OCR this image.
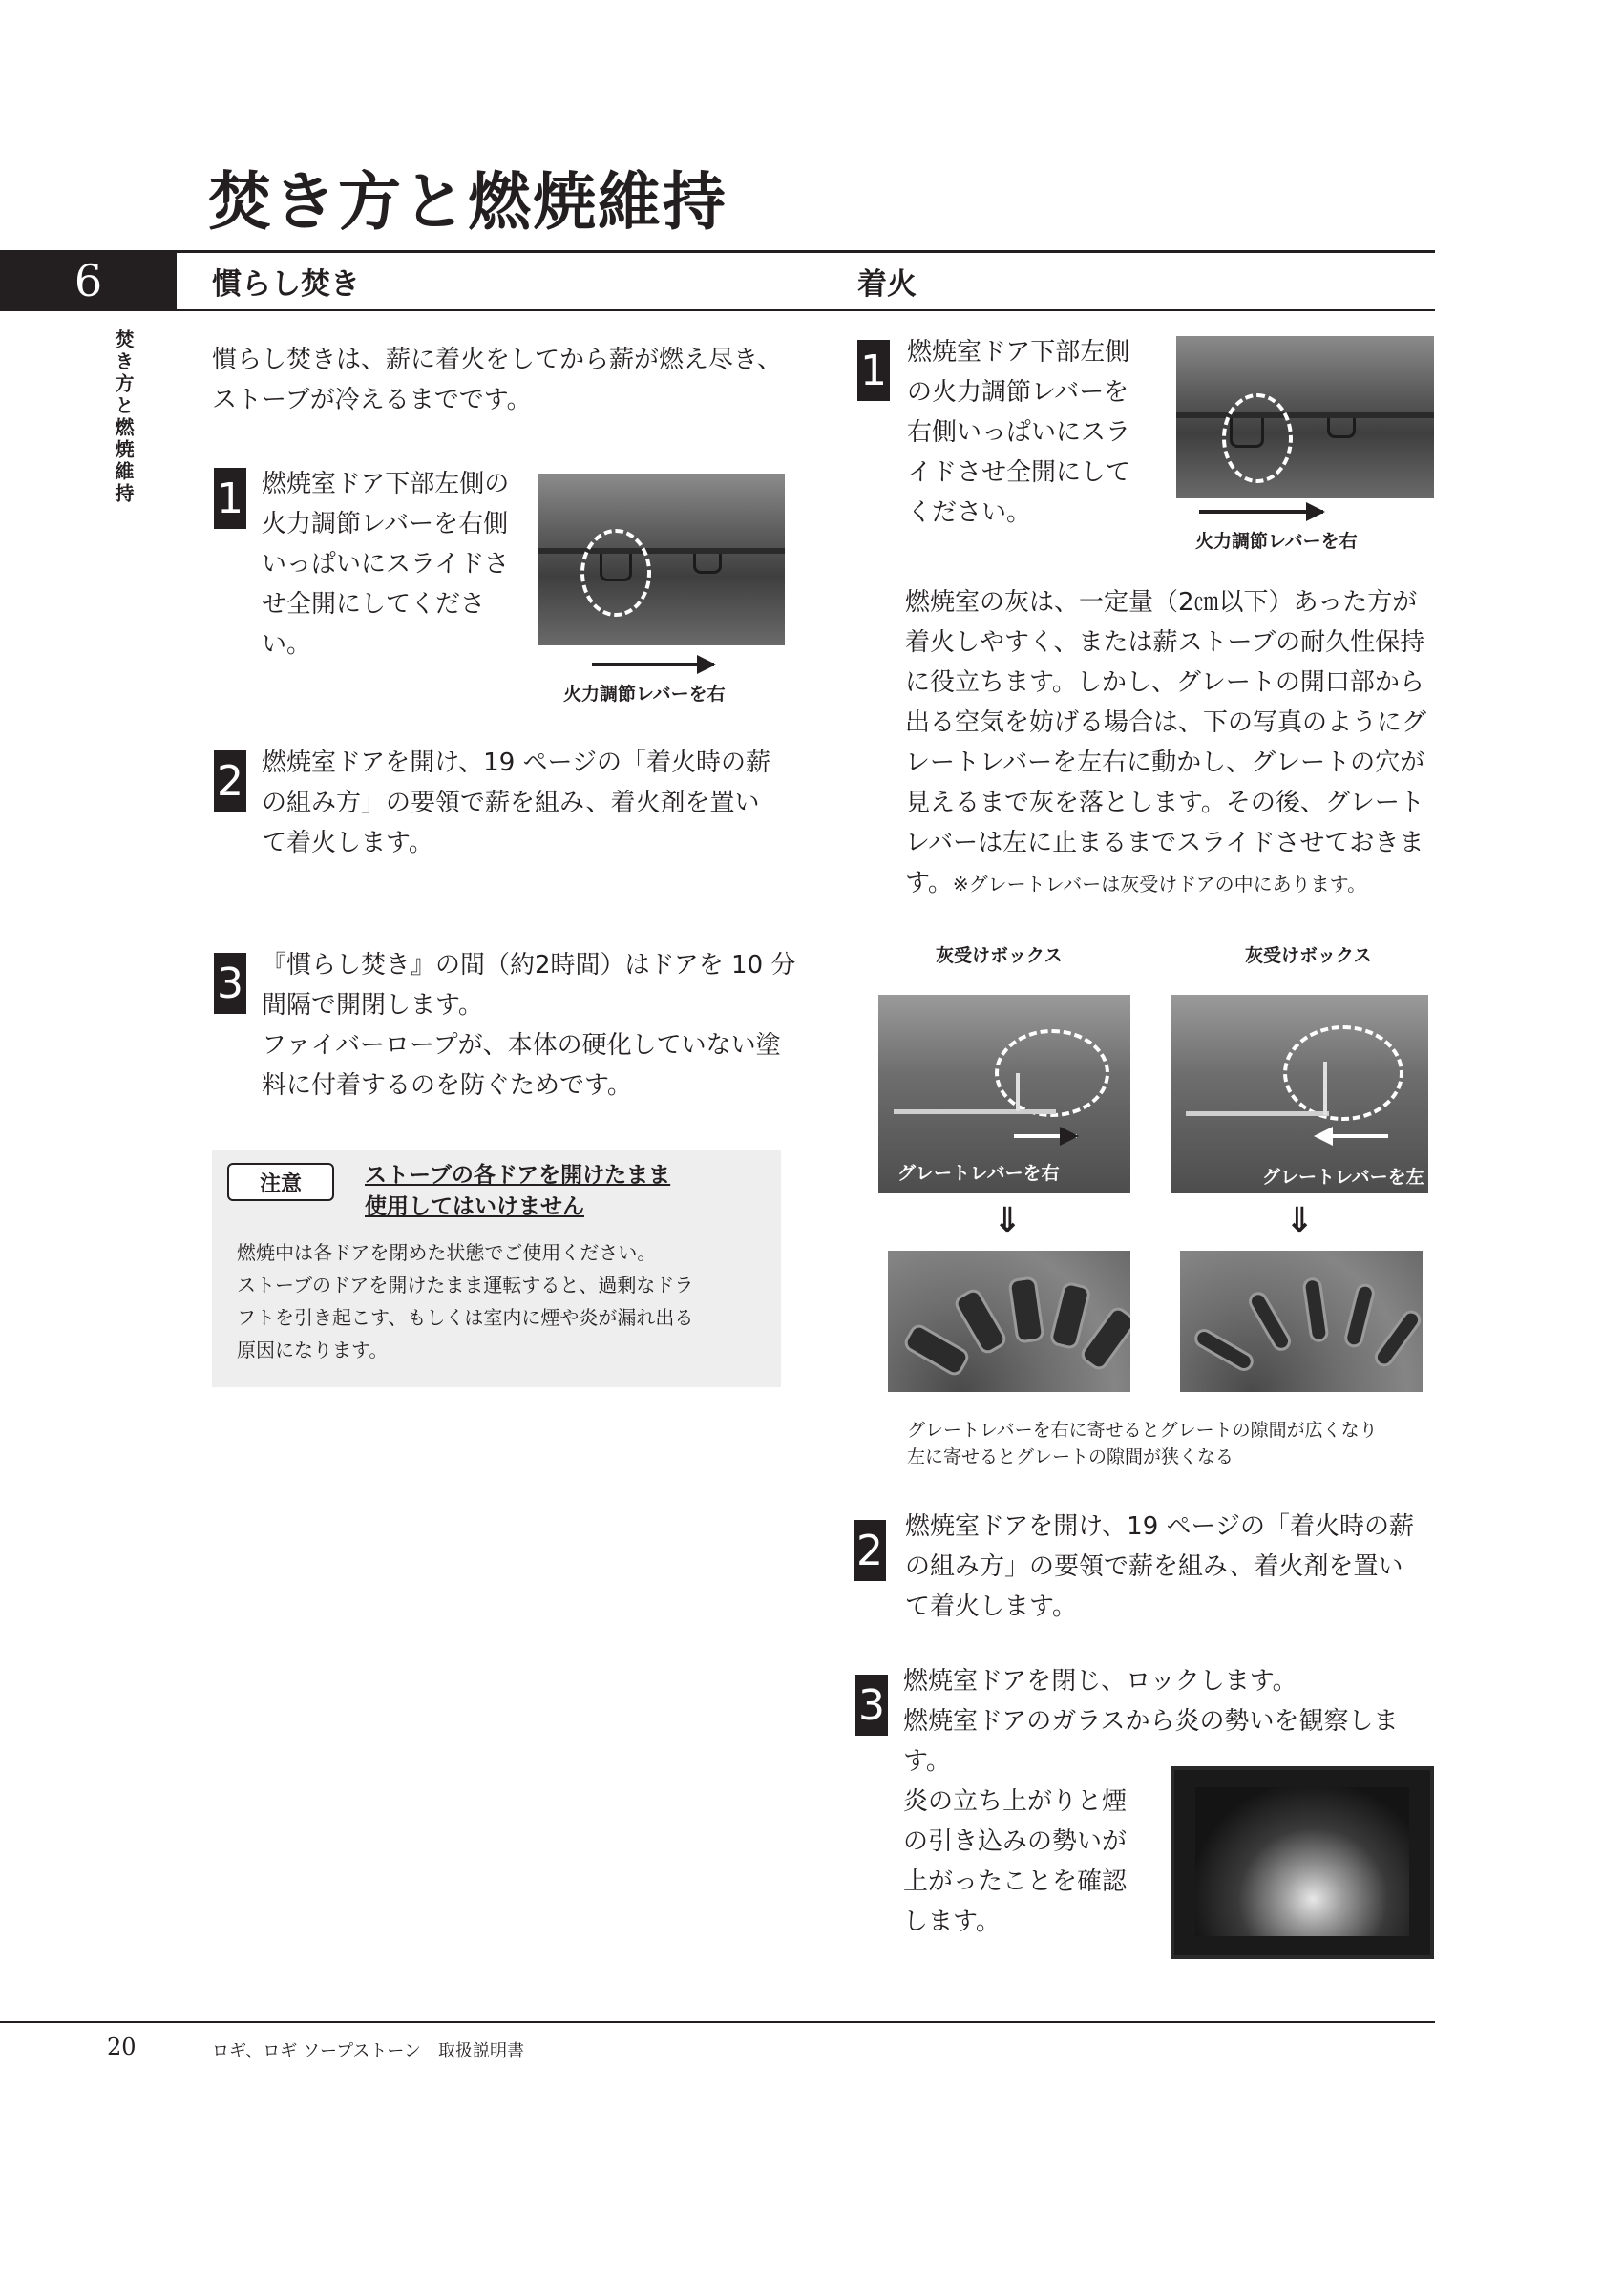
焚き方と燃焼維持
6	慣らし焚き	着火
焚き方と燃焼維持	慣らし焚きは、薪に着火をしてから薪が燃え尽き、
ストーブが冷えるまでです。
1 燃焼室ドア下部左側の
火力調節レバーを右側
いっぱいにスライドさ
せ全開にしてください。
火力調節レバーを右
2 燃焼室ドアを開け、19 ページの「着火時の薪
の組み方」の要領で薪を組み、着火剤を置い
て着火します。
3 『慣らし焚き』の間（約2時間）はドアを 10 分
間隔で開閉します。
ファイバーロープが、本体の硬化していない塗
料に付着するのを防ぐためです。
注意	ストーブの各ドアを開けたまま
使用してはいけません
燃焼中は各ドアを閉めた状態でご使用ください。
ストーブのドアを開けたまま運転すると、過剰なドラ
フトを引き起こす、もしくは室内に煙や炎が漏れ出る
原因になります。
1 燃焼室ドア下部左側
の火力調節レバーを
右側いっぱいにスラ
イドさせ全開にして
ください。
火力調節レバーを右
燃焼室の灰は、一定量（2㎝以下）あった方が
着火しやすく、または薪ストーブの耐久性保持
に役立ちます。しかし、グレートの開口部から
出る空気を妨げる場合は、下の写真のようにグ
レートレバーを左右に動かし、グレートの穴が
見えるまで灰を落とします。その後、グレート
レバーは左に止まるまでスライドさせておきま
す。※グレートレバーは灰受けドアの中にあります。
灰受けボックス	灰受けボックス
グレートレバーを右	グレートレバーを左
⇓	⇓
グレートレバーを右に寄せるとグレートの隙間が広くなり
左に寄せるとグレートの隙間が狭くなる
2 燃焼室ドアを開け、19 ページの「着火時の薪
の組み方」の要領で薪を組み、着火剤を置い
て着火します。
3 燃焼室ドアを閉じ、ロックします。
燃焼室ドアのガラスから炎の勢いを観察します。
炎の立ち上がりと煙
の引き込みの勢いが
上がったことを確認
します。
20	ロギ、ロギ ソープストーン　取扱説明書
